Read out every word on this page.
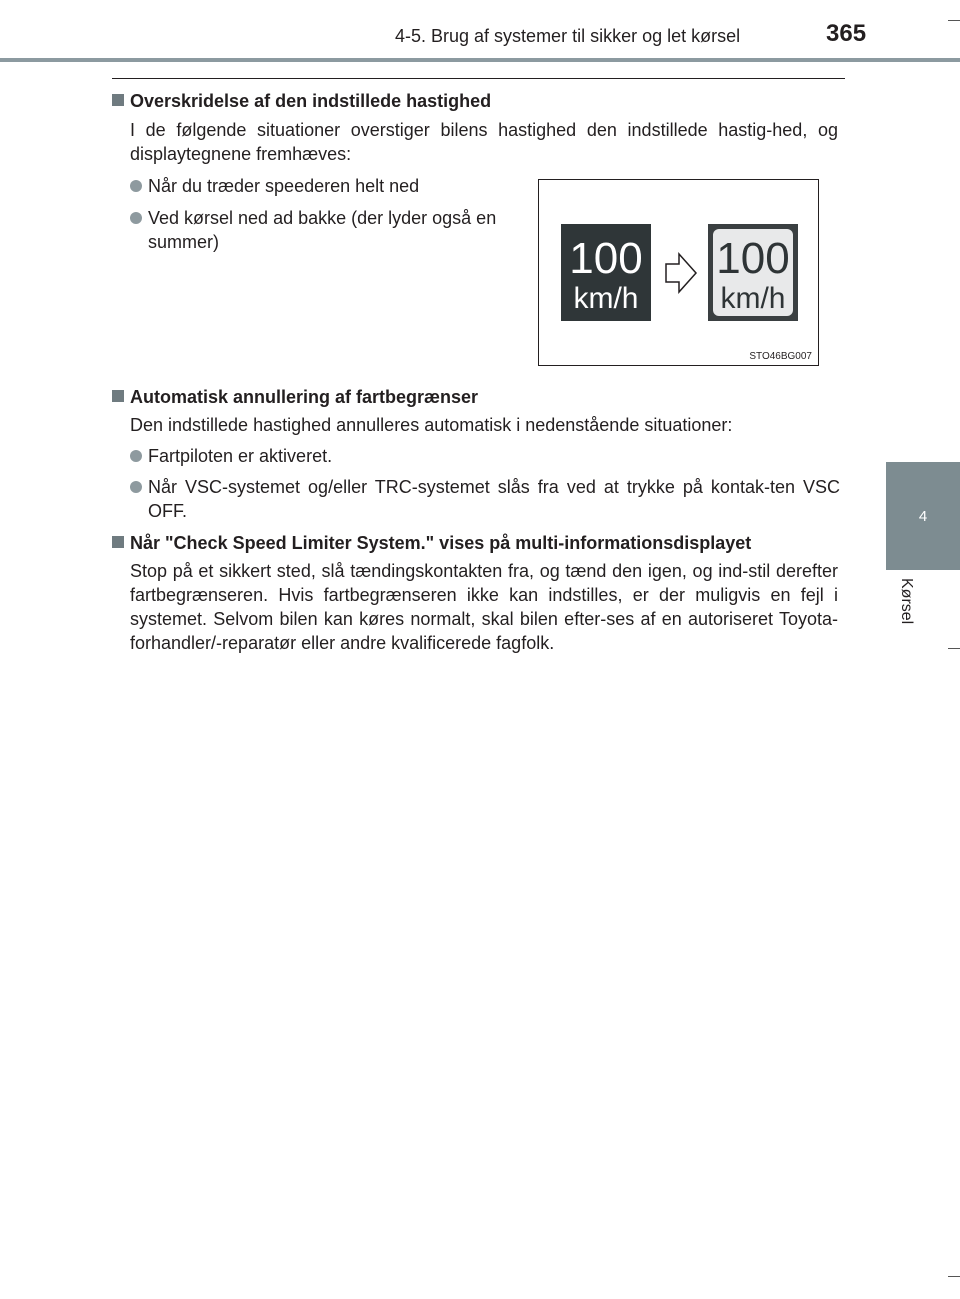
4-5. Brug af systemer til sikker og let kørsel	365
4
Kørsel
Overskridelse af den indstillede hastighed
I de følgende situationer overstiger bilens hastighed den indstillede hastig-hed, og displaytegnene fremhæves:
Når du træder speederen helt ned
Ved kørsel ned ad bakke (der lyder også en summer)	100
km/h
100
km/h
STO46BG007
Automatisk annullering af fartbegrænser
Den indstillede hastighed annulleres automatisk i nedenstående situationer:
Fartpiloten er aktiveret.
Når VSC-systemet og/eller TRC-systemet slås fra ved at trykke på kontak-ten VSC OFF.
Når "Check Speed Limiter System." vises på multi-informationsdisplayet
Stop på et sikkert sted, slå tændingskontakten fra, og tænd den igen, og ind-stil derefter fartbegrænseren. Hvis fartbegrænseren ikke kan indstilles, er der muligvis en fejl i systemet. Selvom bilen kan køres normalt, skal bilen efter-ses af en autoriseret Toyota-forhandler/-reparatør eller andre kvalificerede fagfolk.
